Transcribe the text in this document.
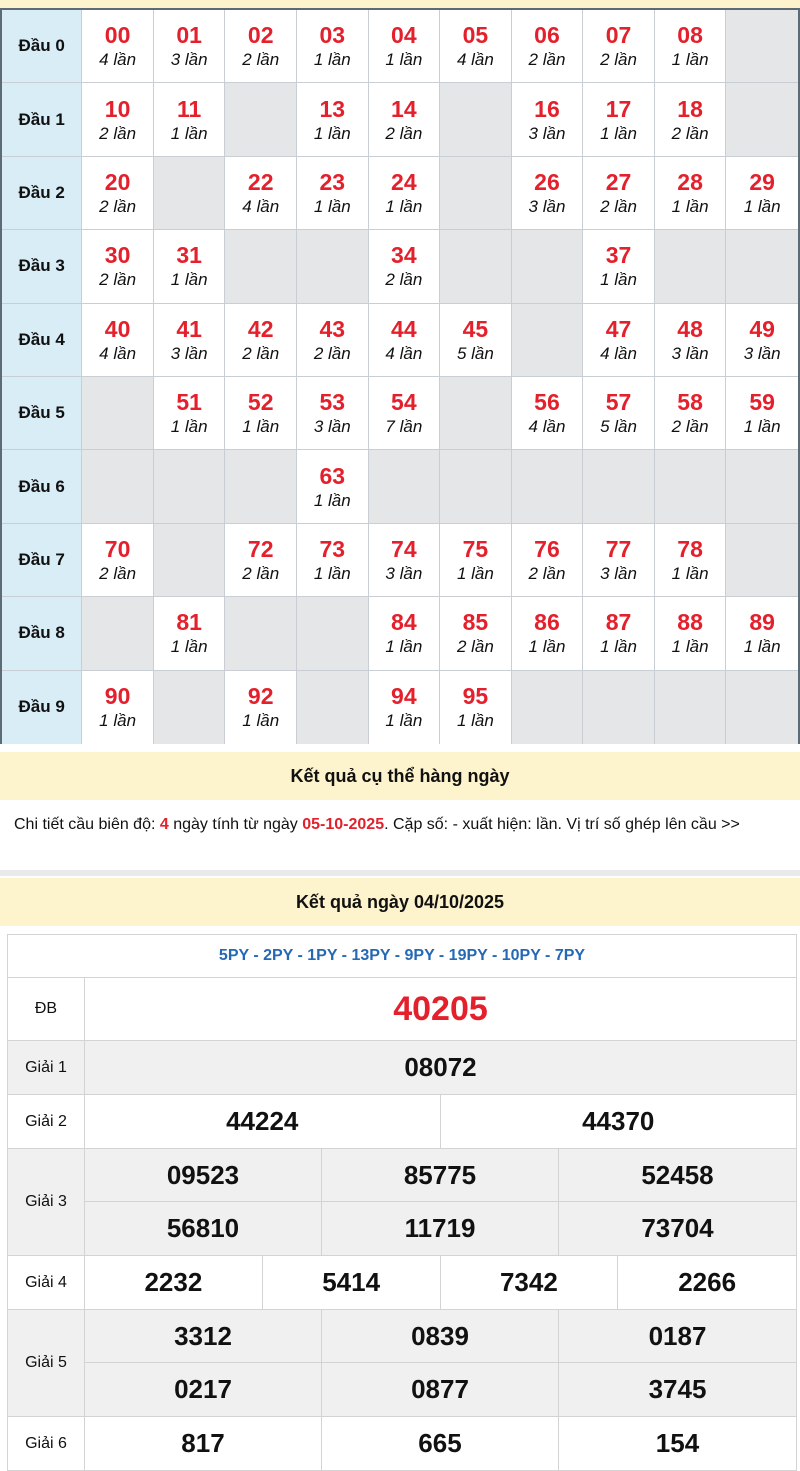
Đầu 0	00
4 lần
01
3 lần
02
2 lần
03
1 lần
04
1 lần
05
4 lần
06
2 lần
07
2 lần
08
1 lần
Đầu 1	10
2 lần
11
1 lần
13
1 lần
14
2 lần
16
3 lần
17
1 lần
18
2 lần
Đầu 2	20
2 lần
22
4 lần
23
1 lần
24
1 lần
26
3 lần
27
2 lần
28
1 lần
29
1 lần
Đầu 3	30
2 lần
31
1 lần
34
2 lần
37
1 lần
Đầu 4	40
4 lần
41
3 lần
42
2 lần
43
2 lần
44
4 lần
45
5 lần
47
4 lần
48
3 lần
49
3 lần
Đầu 5	51
1 lần
52
1 lần
53
3 lần
54
7 lần
56
4 lần
57
5 lần
58
2 lần
59
1 lần
Đầu 6	63
1 lần
Đầu 7	70
2 lần
72
2 lần
73
1 lần
74
3 lần
75
1 lần
76
2 lần
77
3 lần
78
1 lần
Đầu 8	81
1 lần
84
1 lần
85
2 lần
86
1 lần
87
1 lần
88
1 lần
89
1 lần
Đầu 9	90
1 lần
92
1 lần
94
1 lần
95
1 lần
Kết quả cụ thể hàng ngày
Chi tiết cầu biên độ: 4 ngày tính từ ngày 05-10-2025. Cặp số: - xuất hiện: lần. Vị trí số ghép lên cầu >>
Kết quả ngày 04/10/2025
5PY - 2PY - 1PY - 13PY - 9PY - 19PY - 10PY - 7PY
ĐB	40205
Giải 1	08072
Giải 2	44224	44370
Giải 3
09523	85775	52458
56810	11719	73704
Giải 4	2232	5414	7342	2266
Giải 5
3312	0839	0187
0217	0877	3745
Giải 6	817	665	154
